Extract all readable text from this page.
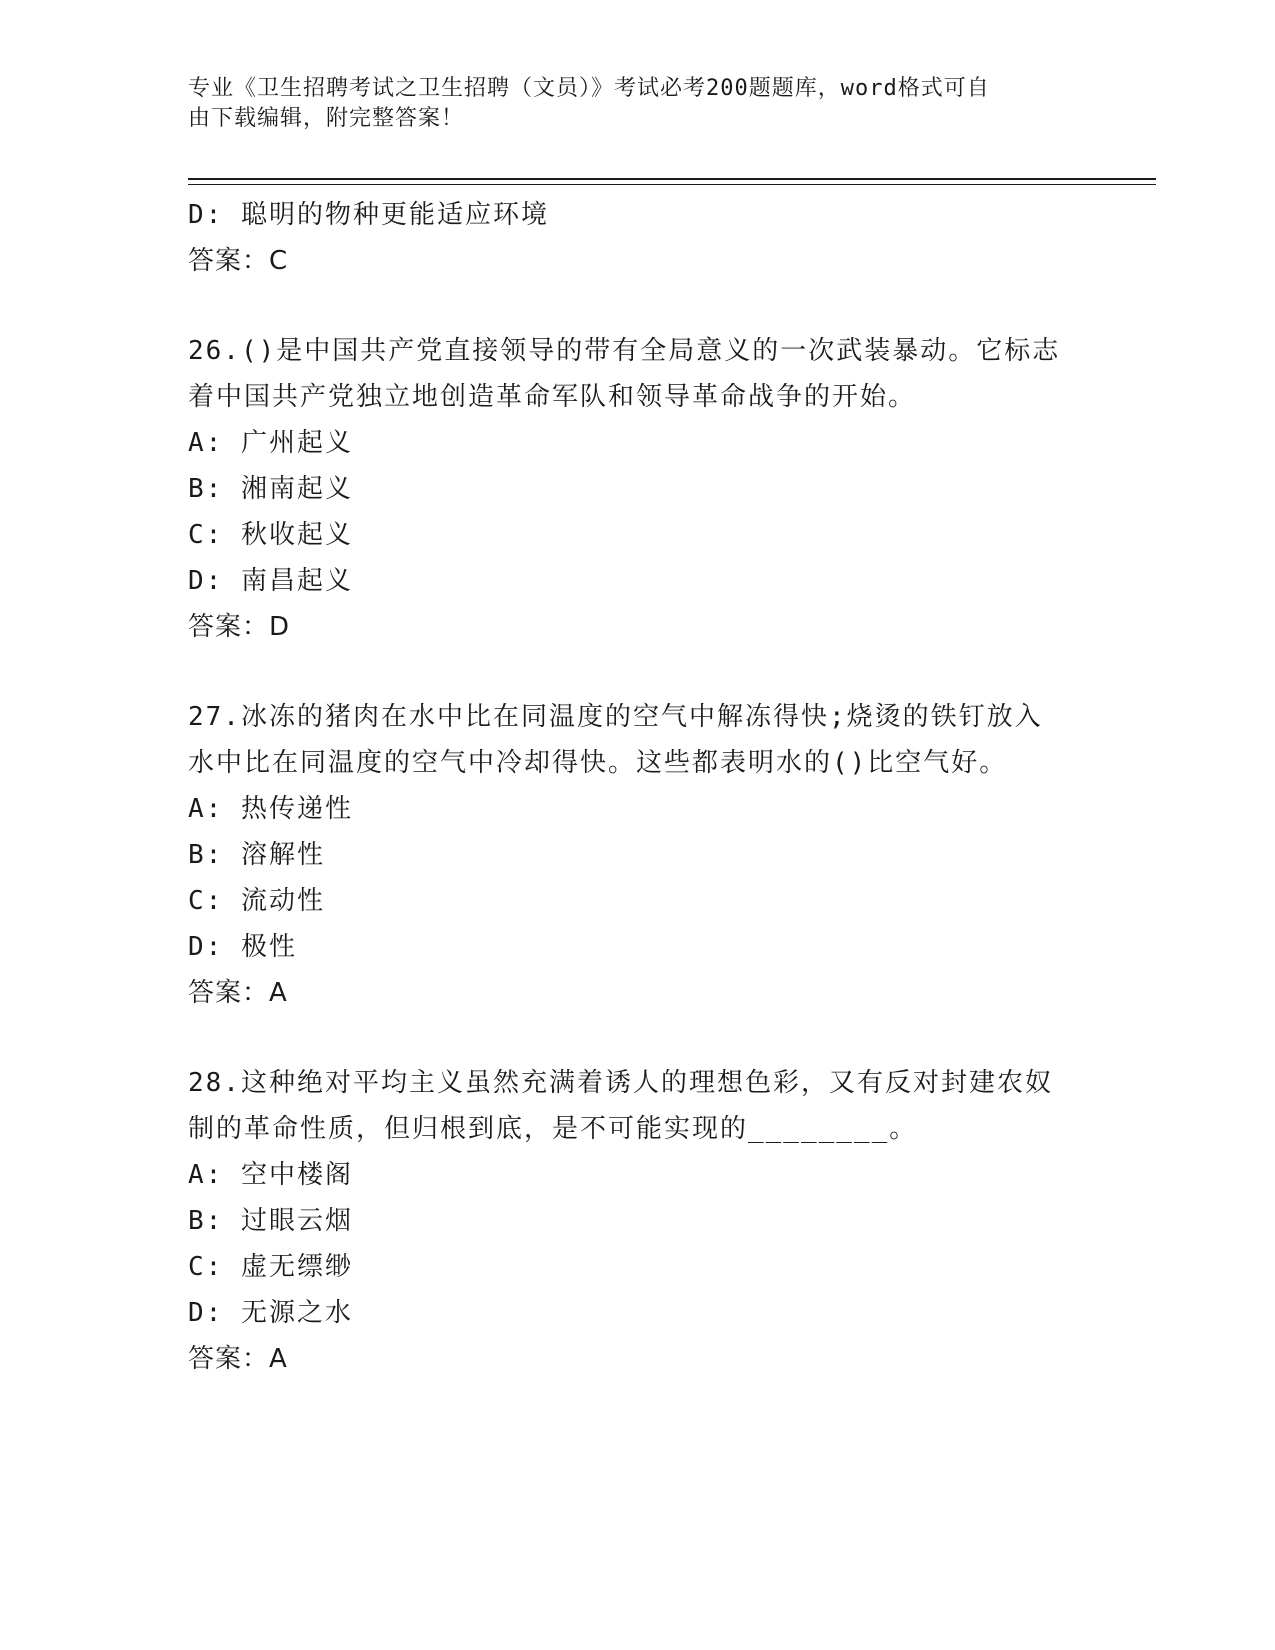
专业《卫生招聘考试之卫生招聘（文员）》考试必考200题题库，word格式可自
由下载编辑，附完整答案！
D: 聪明的物种更能适应环境
答案：C
26.()是中国共产党直接领导的带有全局意义的一次武装暴动。它标志
着中国共产党独立地创造革命军队和领导革命战争的开始。
A: 广州起义
B: 湘南起义
C: 秋收起义
D: 南昌起义
答案：D
27.冰冻的猪肉在水中比在同温度的空气中解冻得快;烧烫的铁钉放入
水中比在同温度的空气中冷却得快。这些都表明水的()比空气好。
A: 热传递性
B: 溶解性
C: 流动性
D: 极性
答案：A
28.这种绝对平均主义虽然充满着诱人的理想色彩，又有反对封建农奴
制的革命性质，但归根到底，是不可能实现的________。
A: 空中楼阁
B: 过眼云烟
C: 虚无缥缈
D: 无源之水
答案：A
